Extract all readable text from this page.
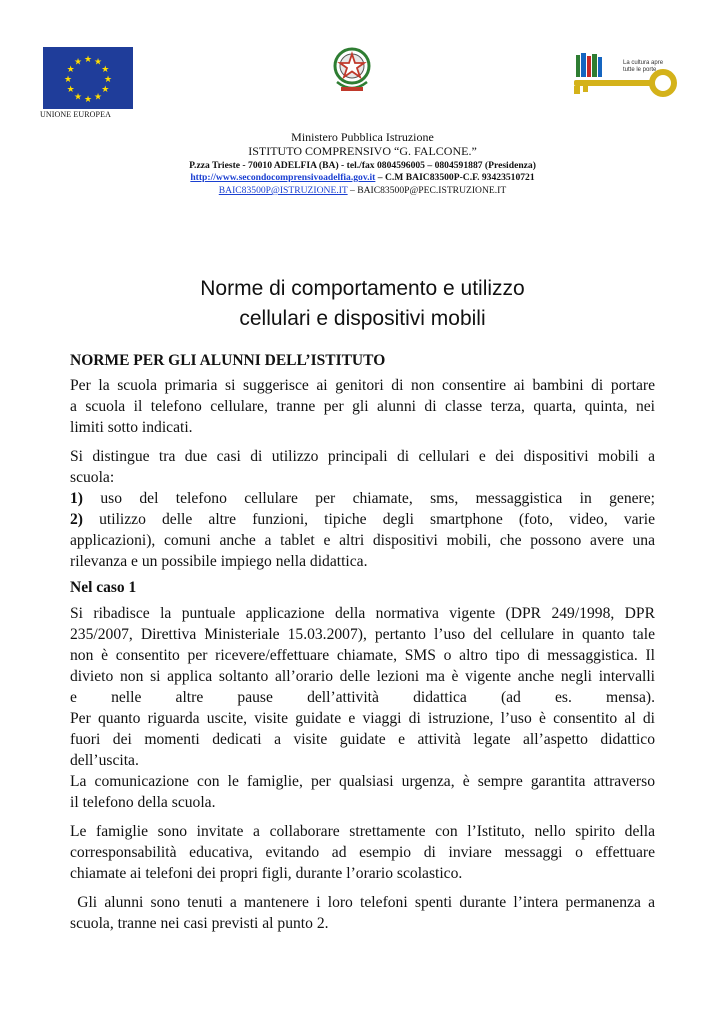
★ ★
★
★
★
★
★
★
★
★
★
★
UNIONE EUROPEA
La cultura apre
tutte le porte
Ministero Pubblica Istruzione
ISTITUTO COMPRENSIVO “G. FALCONE.”
P.zza Trieste - 70010 ADELFIA (BA) - tel./fax 0804596005 – 0804591887 (Presidenza)
http://www.secondocomprensivoadelfia.gov.it – C.M BAIC83500P-C.F. 93423510721
BAIC83500P@ISTRUZIONE.IT – BAIC83500P@PEC.ISTRUZIONE.IT
Norme di comportamento e utilizzo
cellulari e dispositivi mobili
NORME PER GLI ALUNNI DELL’ISTITUTO
Per la scuola primaria si suggerisce ai genitori di non consentire ai bambini di portare
a scuola il telefono cellulare, tranne per gli alunni di classe terza, quarta, quinta, nei
limiti sotto indicati.
Si distingue tra due casi di utilizzo principali di cellulari e dei dispositivi mobili a
scuola:
1) uso del telefono cellulare per chiamate, sms, messaggistica in genere;
2) utilizzo delle altre funzioni, tipiche degli smartphone (foto, video, varie
applicazioni), comuni anche a tablet e altri dispositivi mobili, che possono avere una
rilevanza e un possibile impiego nella didattica.
Nel caso 1
Si ribadisce la puntuale applicazione della normativa vigente (DPR 249/1998, DPR
235/2007, Direttiva Ministeriale 15.03.2007), pertanto l’uso del cellulare in quanto tale
non è consentito per ricevere/effettuare chiamate, SMS o altro tipo di messaggistica. Il
divieto non si applica soltanto all’orario delle lezioni ma è vigente anche negli intervalli
e nelle altre pause dell’attività didattica (ad es. mensa).
Per quanto riguarda uscite, visite guidate e viaggi di istruzione, l’uso è consentito al di
fuori dei momenti dedicati a visite guidate e attività legate all’aspetto didattico
dell’uscita.
La comunicazione con le famiglie, per qualsiasi urgenza, è sempre garantita attraverso
il telefono della scuola.
Le famiglie sono invitate a collaborare strettamente con l’Istituto, nello spirito della
corresponsabilità educativa, evitando ad esempio di inviare messaggi o effettuare
chiamate ai telefoni dei propri figli, durante l’orario scolastico.
Gli alunni sono tenuti a mantenere i loro telefoni spenti durante l’intera permanenza a
scuola, tranne nei casi previsti al punto 2.
